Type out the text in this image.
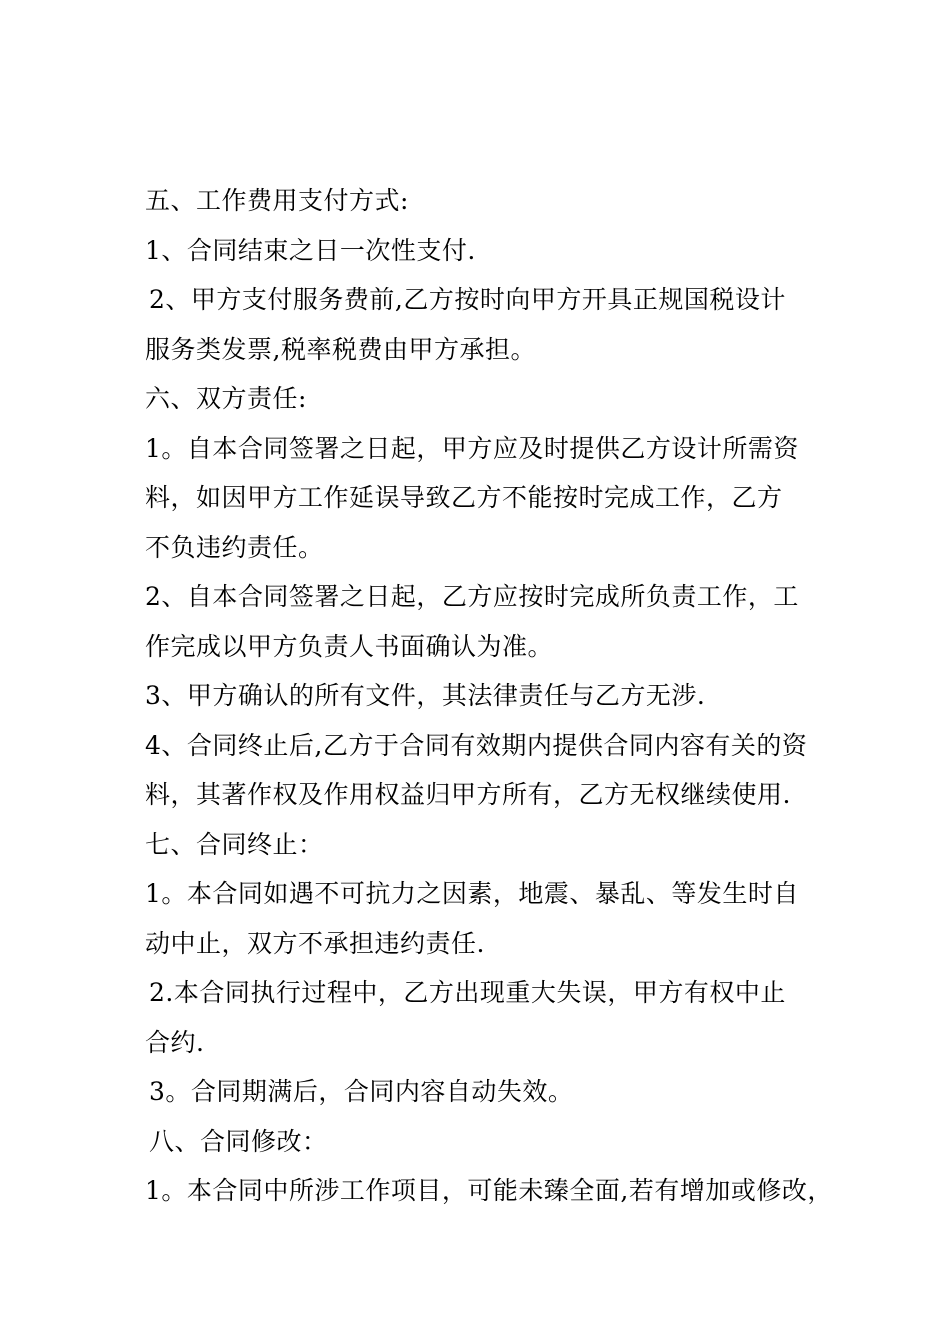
五、工作费用支付方式:
1、合同结束之日一次性支付.
2、甲方支付服务费前,乙方按时向甲方开具正规国税设计
服务类发票,税率税费由甲方承担。
六、双方责任:
1。自本合同签署之日起，甲方应及时提供乙方设计所需资
料，如因甲方工作延误导致乙方不能按时完成工作，乙方
不负违约责任。
2、自本合同签署之日起，乙方应按时完成所负责工作，工
作完成以甲方负责人书面确认为准。
3、甲方确认的所有文件，其法律责任与乙方无涉.
4、合同终止后,乙方于合同有效期内提供合同内容有关的资
料，其著作权及作用权益归甲方所有，乙方无权继续使用.
七、合同终止：
1。本合同如遇不可抗力之因素，地震、暴乱、等发生时自
动中止，双方不承担违约责任.
2.本合同执行过程中，乙方出现重大失误，甲方有权中止
合约.
3。合同期满后，合同内容自动失效。
八、合同修改：
1。本合同中所涉工作项目，可能未臻全面,若有增加或修改，
